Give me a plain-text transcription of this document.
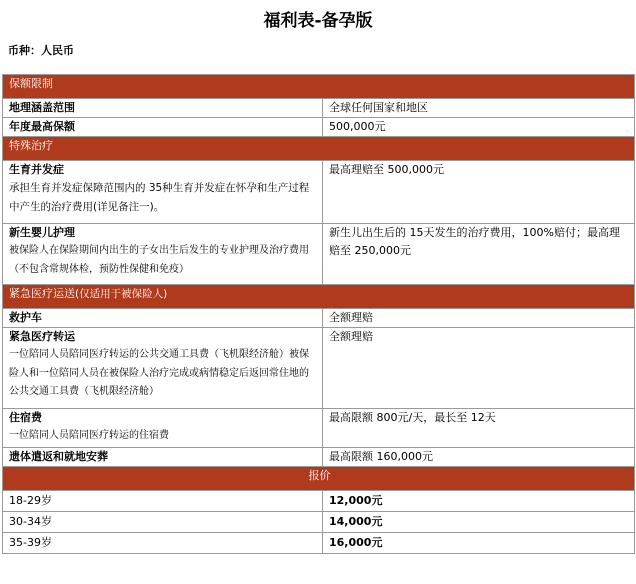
福利表-备孕版
币种：人民币
保额限制	

地理涵盖范围	全球任何国家和地区

年度最高保额	500,000元
特殊治疗	

生育并发症
承担生育并发症保障范围内的 35种生育并发症在怀孕和生产过程中产生的治疗费用(详见备注一)。	最高理赔至 500,000元

新生婴儿护理
被保险人在保险期间内出生的子女出生后发生的专业护理及治疗费用（不包含常规体检，预防性保健和免疫）	新生儿出生后的 15天发生的治疗费用，100%赔付；最高理赔至 250,000元
紧急医疗运送(仅适用于被保险人)	

救护车	全额理赔

紧急医疗转运
一位陪同人员陪同医疗转运的公共交通工具费（飞机限经济舱）被保险人和一位陪同人员在被保险人治疗完成或病情稳定后返回常住地的公共交通工具费（飞机限经济舱）	全额理赔

住宿费
一位陪同人员陪同医疗转运的住宿费	最高限额 800元/天，最长至 12天

遗体遣返和就地安葬	最高限额 160,000元
报价	
18-29岁	12,000元
30-34岁	14,000元
35-39岁	16,000元
